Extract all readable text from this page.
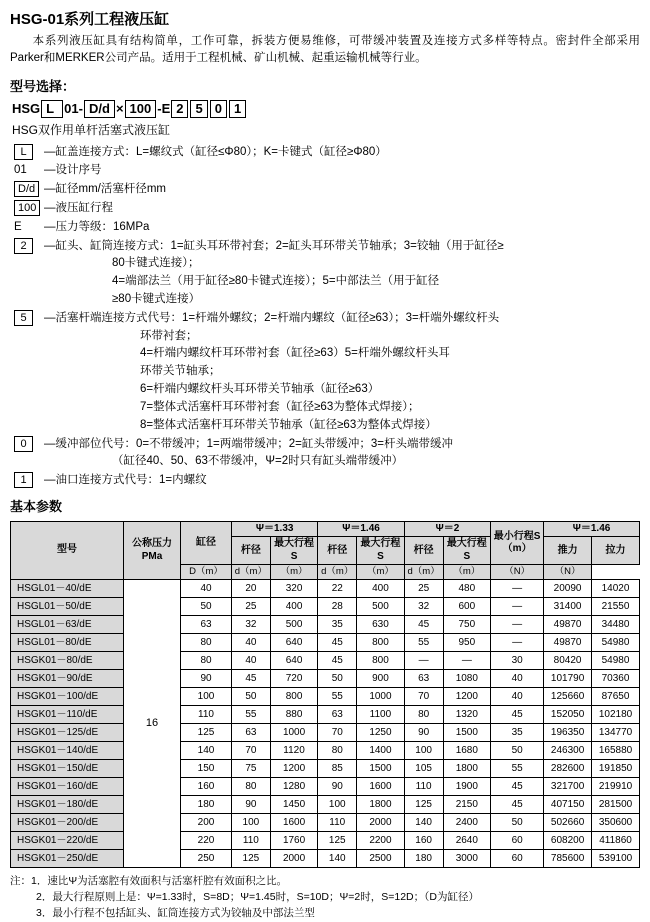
HSG-01系列工程液压缸

本系列液压缸具有结构简单，工作可靠，拆装方便易维修，可带缓冲装置及连接方式多样等特点。密封件全部采用Parker和MERKER公司产品。适用于工程机械、矿山机械、起重运输机械等行业。

型号选择：
HSG L 01 - D/d × 100 - E 2 5 0 1
HSG双作用单杆活塞式液压缸
L	—缸盖连接方式：L=螺纹式（缸径≤Φ80）；K=卡键式（缸径≥Φ80）
01	—设计序号
D/d —缸径mm/活塞杆径mm
100 —液压缸行程
E	—压力等级：16MPa
2	—缸头、缸筒连接方式：1=缸头耳环带衬套；2=缸头耳环带关节轴承；3=铰轴（用于缸径≥
80卡键式连接）；
4=端部法兰（用于缸径≥80卡键式连接）；5=中部法兰（用于缸径
≥80卡键式连接）
5	—活塞杆端连接方式代号：1=杆端外螺纹；2=杆端内螺纹（缸径≥63）；3=杆端外螺纹杆头
环带衬套；
4=杆端内螺纹杆耳环带衬套（缸径≥63）5=杆端外螺纹杆头耳
环带关节轴承；
6=杆端内螺纹杆头耳环带关节轴承（缸径≥63）
7=整体式活塞杆耳环带衬套（缸径≥63为整体式焊接）；
8=整体式活塞杆耳环带关节轴承（缸径≥63为整体式焊接）
0	—缓冲部位代号：0=不带缓冲；1=两端带缓冲；2=缸头带缓冲；3=杆头端带缓冲
（缸径40、50、63不带缓冲，Ψ=2时只有缸头端带缓冲）
1	—油口连接方式代号：1=内螺纹
基本参数
型号	公称压力 PMa	缸径	Ψ＝1.33		Ψ＝1.46		Ψ＝2		最小行程S（m）	Ψ＝1.46	
			杆径	最大行程S	杆径	最大行程S	杆径	最大行程S		推力	拉力
		D（m）	d（m）	（m）	d（m）	（m）	d（m）	（m）	（N）	（N）	
HSGL01－40/dE	16	40	20	320	22	400	25	480	—	20090	14020
HSGL01－50/dE		50	25	400	28	500	32	600	—	31400	21550
HSGL01－63/dE		63	32	500	35	630	45	750	—	49870	34480
HSGL01－80/dE		80	40	640	45	800	55	950	—	49870	54980
HSGK01－80/dE		80	40	640	45	800	—	—	30	80420	54980
HSGK01－90/dE		90	45	720	50	900	63	1080	40	101790	70360
HSGK01－100/dE		100	50	800	55	1000	70	1200	40	125660	87650
HSGK01－110/dE		110	55	880	63	1100	80	1320	45	152050	102180
HSGK01－125/dE		125	63	1000	70	1250	90	1500	35	196350	134770
HSGK01－140/dE		140	70	1120	80	1400	100	1680	50	246300	165880
HSGK01－150/dE		150	75	1200	85	1500	105	1800	55	282600	191850
HSGK01－160/dE		160	80	1280	90	1600	110	1900	45	321700	219910
HSGK01－180/dE		180	90	1450	100	1800	125	2150	45	407150	281500
HSGK01－200/dE		200	100	1600	110	2000	140	2400	50	502660	350600
HSGK01－220/dE		220	110	1760	125	2200	160	2640	60	608200	411860
HSGK01－250/dE		250	125	2000	140	2500	180	3000	60	785600	539100
注：1．速比Ψ为活塞腔有效面积与活塞杆腔有效面积之比。
2．最大行程原则上是：Ψ=1.33时，S=8D；Ψ=1.45时，S=10D；Ψ=2时，S=12D；（D为缸径）
3．最小行程不包括缸头、缸筒连接方式为铰轴及中部法兰型
